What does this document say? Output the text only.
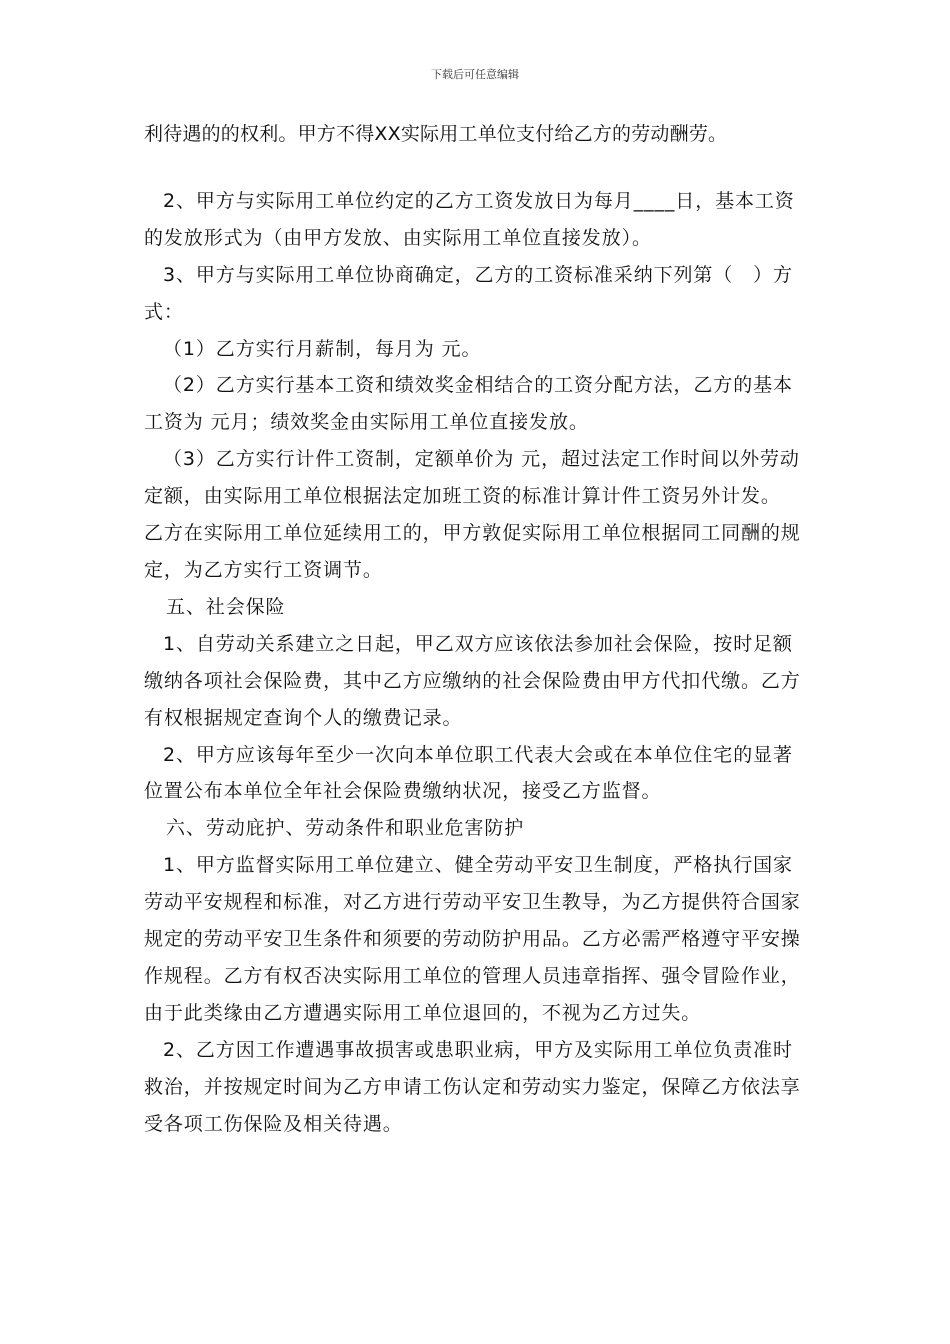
下载后可任意编辑

利待遇的的权利。甲方不得XX实际用工单位支付给乙方的劳动酬劳。

2、甲方与实际用工单位约定的乙方工资发放日为每月____日，基本工资的发放形式为（由甲方发放、由实际用工单位直接发放）。

3、甲方与实际用工单位协商确定，乙方的工资标准采纳下列第（　）方式：

（1）乙方实行月薪制，每月为 元。

（2）乙方实行基本工资和绩效奖金相结合的工资分配方法，乙方的基本工资为 元月；绩效奖金由实际用工单位直接发放。

（3）乙方实行计件工资制，定额单价为 元，超过法定工作时间以外劳动定额，由实际用工单位根据法定加班工资的标准计算计件工资另外计发。　　　乙方在实际用工单位延续用工的，甲方敦促实际用工单位根据同工同酬的规定，为乙方实行工资调节。

五、社会保险

1、自劳动关系建立之日起，甲乙双方应该依法参加社会保险，按时足额缴纳各项社会保险费，其中乙方应缴纳的社会保险费由甲方代扣代缴。乙方有权根据规定查询个人的缴费记录。

2、甲方应该每年至少一次向本单位职工代表大会或在本单位住宅的显著位置公布本单位全年社会保险费缴纳状况，接受乙方监督。

六、劳动庇护、劳动条件和职业危害防护

1、甲方监督实际用工单位建立、健全劳动平安卫生制度，严格执行国家劳动平安规程和标准，对乙方进行劳动平安卫生教导，为乙方提供符合国家规定的劳动平安卫生条件和须要的劳动防护用品。乙方必需严格遵守平安操作规程。乙方有权否决实际用工单位的管理人员违章指挥、强令冒险作业，由于此类缘由乙方遭遇实际用工单位退回的，不视为乙方过失。

2、乙方因工作遭遇事故损害或患职业病，甲方及实际用工单位负责准时救治，并按规定时间为乙方申请工伤认定和劳动实力鉴定，保障乙方依法享受各项工伤保险及相关待遇。
